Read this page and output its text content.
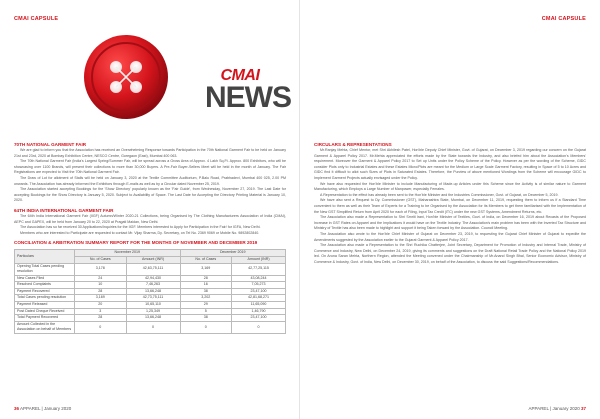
CMAI CAPSULE
CMAI
NEWS
70TH NATIONAL GARMENT FAIR

We are glad to inform you that the Association has received an Overwhelming Response towards Participation in the 70th National Garment Fair to be held on January 21st and 23rd, 2020 at Bombay Exhibition Centre, NESCO Centre, Goregaon (East), Mumbai 400 063.

The 70th National Garment Fair (India's Largest Spring/Summer Fair, will be spread across a Gross Area of Approx. 4 Lakh Sq.Ft. Approx. 800 Exhibitors, who will be showcasing over 1100 Brands, will present their collections to more than 30,000 Buyers. A Pre-Fair Buyer-Sellers Meet will be held in the month of January. The Fair Registrations are expected to Visit the 70th National Garment Fair.

The Draw of Lot for allotment of Stalls will be held on January 3, 2020 at the Textile Committee Auditorium, P.Balu Road, Prabhadevi, Mumbai 400 025, 2.00 PM onwards. The Association has already informed the Exhibitors through E-mails as well as by a Circular dated November 25, 2019.

The Association started accepting Bookings for the 'Show Directory' popularly known as the 'Fair Guide', from Wednesday, November 27, 2019. The Last Date for accepting Bookings for the Show Directory is January 5, 2020. Subject to Availability of Space. The Last Date for Accepting the Directory Printing Material is January 10, 2020.

64TH INDIA INTERNATIONAL GARMENT FAIR

The 64th India International Garment Fair (IIGF) Autumn/Winter 2020-21 Collections, being Organised by The Clothing Manufacturers Association of India (CMAI), AEPC and GAPEX, will be held from January 20 to 22, 2020 at Pragati Maidan, New Delhi.

The Association has so far received 30 Applications/Inquiries for the IIGF. Members interested to Apply for Participation in the Fair/ for IGFA, New Delhi.

Members who are interested to Participate are requested to contact Mr. Vijay Sharma, Dy. Secretary, on Tel No. 2369 9069 or Mobile No. 9892802840.

CONCILIATION & ARBITRATION SUMMARY REPORT FOR THE MONTHS OF NOVEMBER AND DECEMBER 2019
Particulars	November 2019		December 2019	
	No. of Cases	Amount (INR)	No. of Cases	Amount (INR)
Opening Total Cases pending resolution	3,178	42,63,75,111	3,169	42,77,25,115
New Cases Filed	24	42,94,430	28	43,08,244
Resolved Complaints	10	7,46,263	16	7,05,273
Payment Recovered	28	13,66,248	38	23,47,100
Total Cases pending resolution	3,169	42,73,75,111	3,202	42,81,68,271
Payment Released	20	10,65,110	29	11,65,090
Post Dated Cheque Received	3	1,25,349	5	1,46,790
Total Payment Recovered	28	13,66,248	38	23,47,100
Amount Collected in the Association on behalf of Members	0	0	0	0
36 APPAREL | January 2020
CMAI CAPSULE
CIRCULARS & REPRESENTATIONS

Mr.Ranjay Mehta, Chief Mentor, met Shri Akhilesh Patel, Hon'ble Deputy Chief Minister, Govt. of Gujarat, on December 3, 2019 regarding our concern on the Gujarat Garment & Apparel Policy 2017. Mr.Mehta appreciated the efforts made by the State towards the Industry, and also briefed him about the Association's Members' requirement. Moreover the Garment & Apparel Policy 2017 to Set up Units under the Policy Scheme of the Policy. However as per the wording of the Scheme, GIDC consider Plots only to Industrial Estates and these Estates Micro/Plots are meant for the Medium or Large Scale Garment Factory, resulting in Space of 5 to 10 Acres and GIDC find it difficult to allot such Sizes of Plots in Saturated Estates. Therefore, the Purview of above mentioned Wordings from the Scheme will encourage GIDC to Implement Garment Projects actually envisaged under the Policy.

We have also requested the Hon'ble Minister to include Manufacturing of Made-up Articles under this Scheme since the Activity is of similar nature to Garment Manufacturing, which Employs a Large Number of Manpower, especially Females.

A Representation to the effect has already been sent to the Hon'ble Minister and the Industries Commissioner, Govt. of Gujarat, on December 5, 2019.

We have also sent a Request to Dy. Commissioner (GST), Maharashtra State, Mumbai, on December 11, 2019, requesting them to inform us if a Standard Time convenient to them as well as their Team of Experts for a Training to be Organised by the Association for its Members to get them familiarised with the Implementation of the New GST Simplified Return from April 2020 for each of Filing, Input Tax Credit (ITC) under the new GST Systems, Amendment Returns, etc.

The Association also made a Representation to Shri Smriti Irani, Hon'ble Minister of Textiles, Govt. of India, on December 16, 2019 about Recasts of the Proposed Increase in GST Rates on Apparel and the Implications it would have on the Textile Industry. The Association's main problem has been with the Inverted Tax Structure and Ministry of Textile has also been made to highlight and support it being Taken forward by the Association. Council Meeting.

The Association also wrote to the Hon'ble Chief Minister of Gujarat on December 23, 2019, to requesting the Gujarat Chief Minister of Gujarat to expedite the Amendments suggested by the Association earlier to the Gujarat Garment & Apparel Policy 2017.

The Association also made a Representation to the Shri Ruchika Chatterjee, Joint Secretary, Department for Promotion of Industry and Internal Trade, Ministry of Commerce and Industry, New Delhi, on December 24, 2019, giving its comments and suggestions on the Draft National Retail Trade Policy and the National Policy 2019 led. On Aruna Saran Mehta, Northern Region, attended the Meeting convened under the Chairmanship of Mr.Anand Singh Bhal, Senior Economic Advisor, Ministry of Commerce & Industry, Govt. of India, New Delhi, on December 30, 2019, on behalf of the Association, to discuss the said Suggestions/Recommendations.

APPAREL | January 2020 37
